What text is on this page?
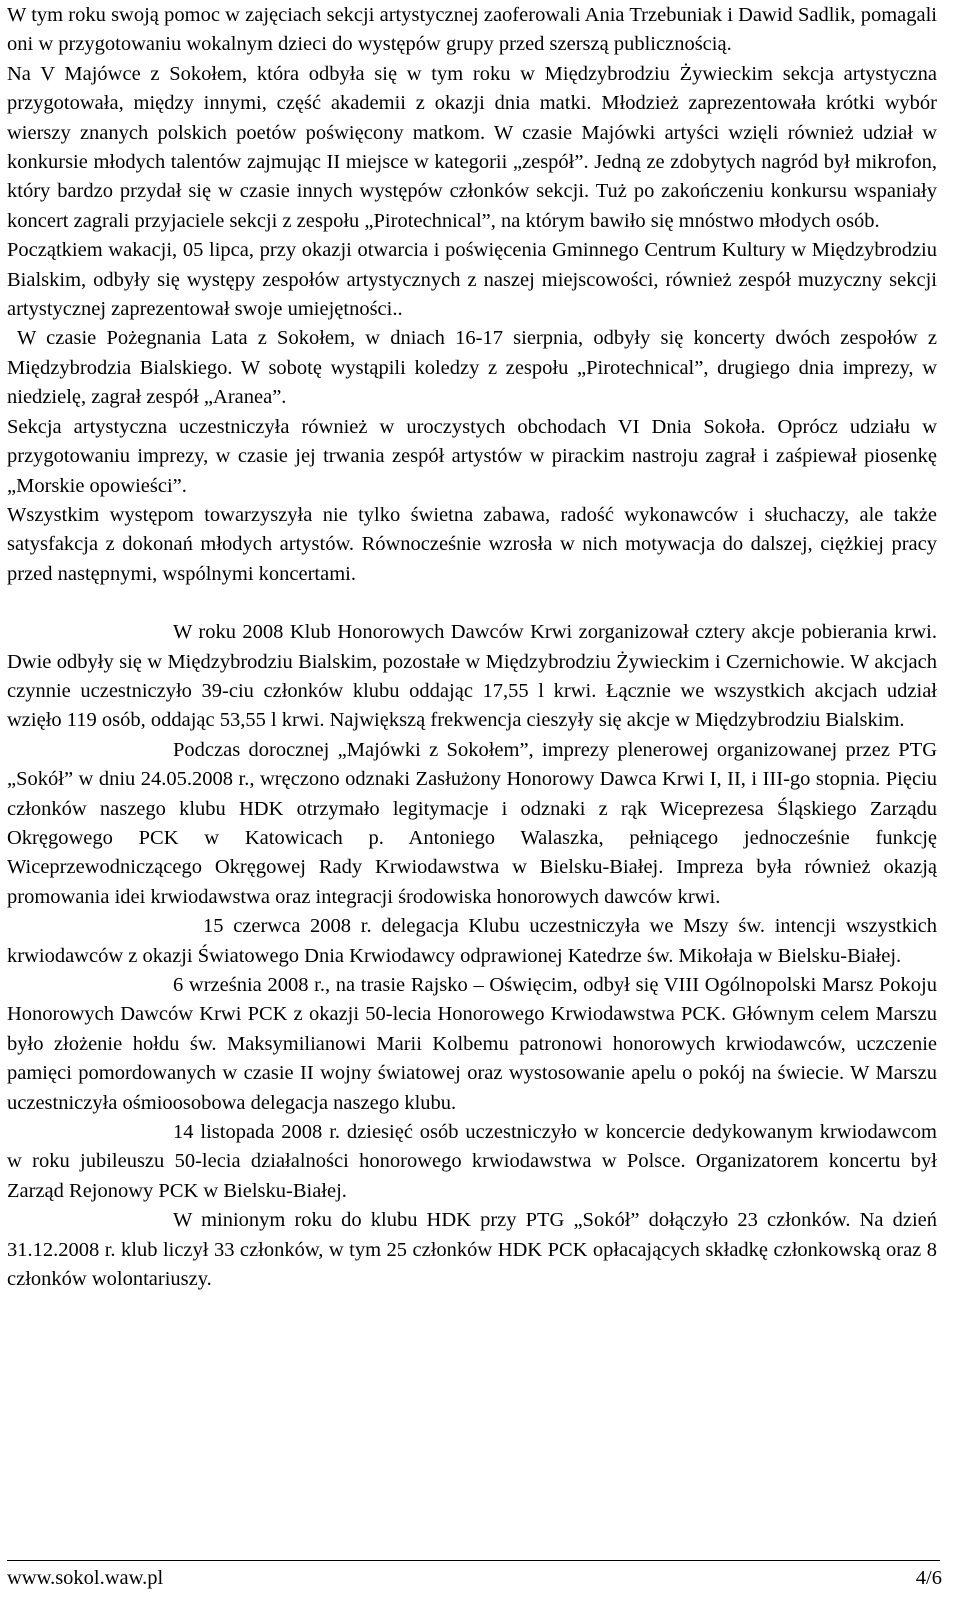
W tym roku swoją pomoc w zajęciach sekcji artystycznej zaoferowali Ania Trzebuniak i Dawid Sadlik, pomagali oni w przygotowaniu wokalnym dzieci do występów grupy przed szerszą publicznością.

Na V Majówce z Sokołem, która odbyła się w tym roku w Międzybrodziu Żywieckim sekcja artystyczna przygotowała, między innymi, część akademii z okazji dnia matki. Młodzież zaprezentowała krótki wybór wierszy znanych polskich poetów poświęcony matkom. W czasie Majówki artyści wzięli również udział w konkursie młodych talentów zajmując II miejsce w kategorii „zespół”. Jedną ze zdobytych nagród był mikrofon, który bardzo przydał się w czasie innych występów członków sekcji. Tuż po zakończeniu konkursu wspaniały koncert zagrali przyjaciele sekcji z zespołu „Pirotechnical”, na którym bawiło się mnóstwo młodych osób.

Początkiem wakacji, 05 lipca, przy okazji otwarcia i poświęcenia Gminnego Centrum Kultury w Międzybrodziu Bialskim, odbyły się występy zespołów artystycznych z naszej miejscowości, również zespół muzyczny sekcji artystycznej zaprezentował swoje umiejętności..

W czasie Pożegnania Lata z Sokołem, w dniach 16-17 sierpnia, odbyły się koncerty dwóch zespołów z Międzybrodzia Bialskiego. W sobotę wystąpili koledzy z zespołu „Pirotechnical”, drugiego dnia imprezy, w niedzielę, zagrał zespół „Aranea”.

Sekcja artystyczna uczestniczyła również w uroczystych obchodach VI Dnia Sokoła. Oprócz udziału w przygotowaniu imprezy, w czasie jej trwania zespół artystów w pirackim nastroju zagrał i zaśpiewał piosenkę „Morskie opowieści”.

Wszystkim występom towarzyszyła nie tylko świetna zabawa, radość wykonawców i słuchaczy, ale także satysfakcja z dokonań młodych artystów. Równocześnie wzrosła w nich motywacja do dalszej, ciężkiej pracy przed następnymi, wspólnymi koncertami.

W roku 2008 Klub Honorowych Dawców Krwi zorganizował cztery akcje pobierania krwi. Dwie odbyły się w Międzybrodziu Bialskim, pozostałe w Międzybrodziu Żywieckim i Czernichowie. W akcjach czynnie uczestniczyło 39-ciu członków klubu oddając 17,55 l krwi. Łącznie we wszystkich akcjach udział wzięło 119 osób, oddając 53,55 l krwi. Największą frekwencja cieszyły się akcje w Międzybrodziu Bialskim.

Podczas dorocznej „Majówki z Sokołem”, imprezy plenerowej organizowanej przez PTG „Sokół” w dniu 24.05.2008 r., wręczono odznaki Zasłużony Honorowy Dawca Krwi I, II, i III-go stopnia. Pięciu członków naszego klubu HDK otrzymało legitymacje i odznaki z rąk Wiceprezesa Śląskiego Zarządu Okręgowego PCK w Katowicach p. Antoniego Walaszka, pełniącego jednocześnie funkcję Wiceprzewodniczącego Okręgowej Rady Krwiodawstwa w Bielsku-Białej. Impreza była również okazją promowania idei krwiodawstwa oraz integracji środowiska honorowych dawców krwi.

15 czerwca 2008 r. delegacja Klubu uczestniczyła we Mszy św. intencji wszystkich krwiodawców z okazji Światowego Dnia Krwiodawcy odprawionej Katedrze św. Mikołaja w Bielsku-Białej.

6 września 2008 r., na trasie Rajsko – Oświęcim, odbył się VIII Ogólnopolski Marsz Pokoju Honorowych Dawców Krwi PCK z okazji 50-lecia Honorowego Krwiodawstwa PCK. Głównym celem Marszu było złożenie hołdu św. Maksymilianowi Marii Kolbemu patronowi honorowych krwiodawców, uczczenie pamięci pomordowanych w czasie II wojny światowej oraz wystosowanie apelu o pokój na świecie. W Marszu uczestniczyła ośmioosobowa delegacja naszego klubu.

14 listopada 2008 r. dziesięć osób uczestniczyło w koncercie dedykowanym krwiodawcom w roku jubileuszu 50-lecia działalności honorowego krwiodawstwa w Polsce. Organizatorem koncertu był Zarząd Rejonowy PCK w Bielsku-Białej.

W minionym roku do klubu HDK przy PTG „Sokół” dołączyło 23 członków. Na dzień 31.12.2008 r. klub liczył 33 członków, w tym 25 członków HDK PCK opłacających składkę członkowską oraz 8 członków wolontariuszy.

www.sokol.waw.pl	4/6
